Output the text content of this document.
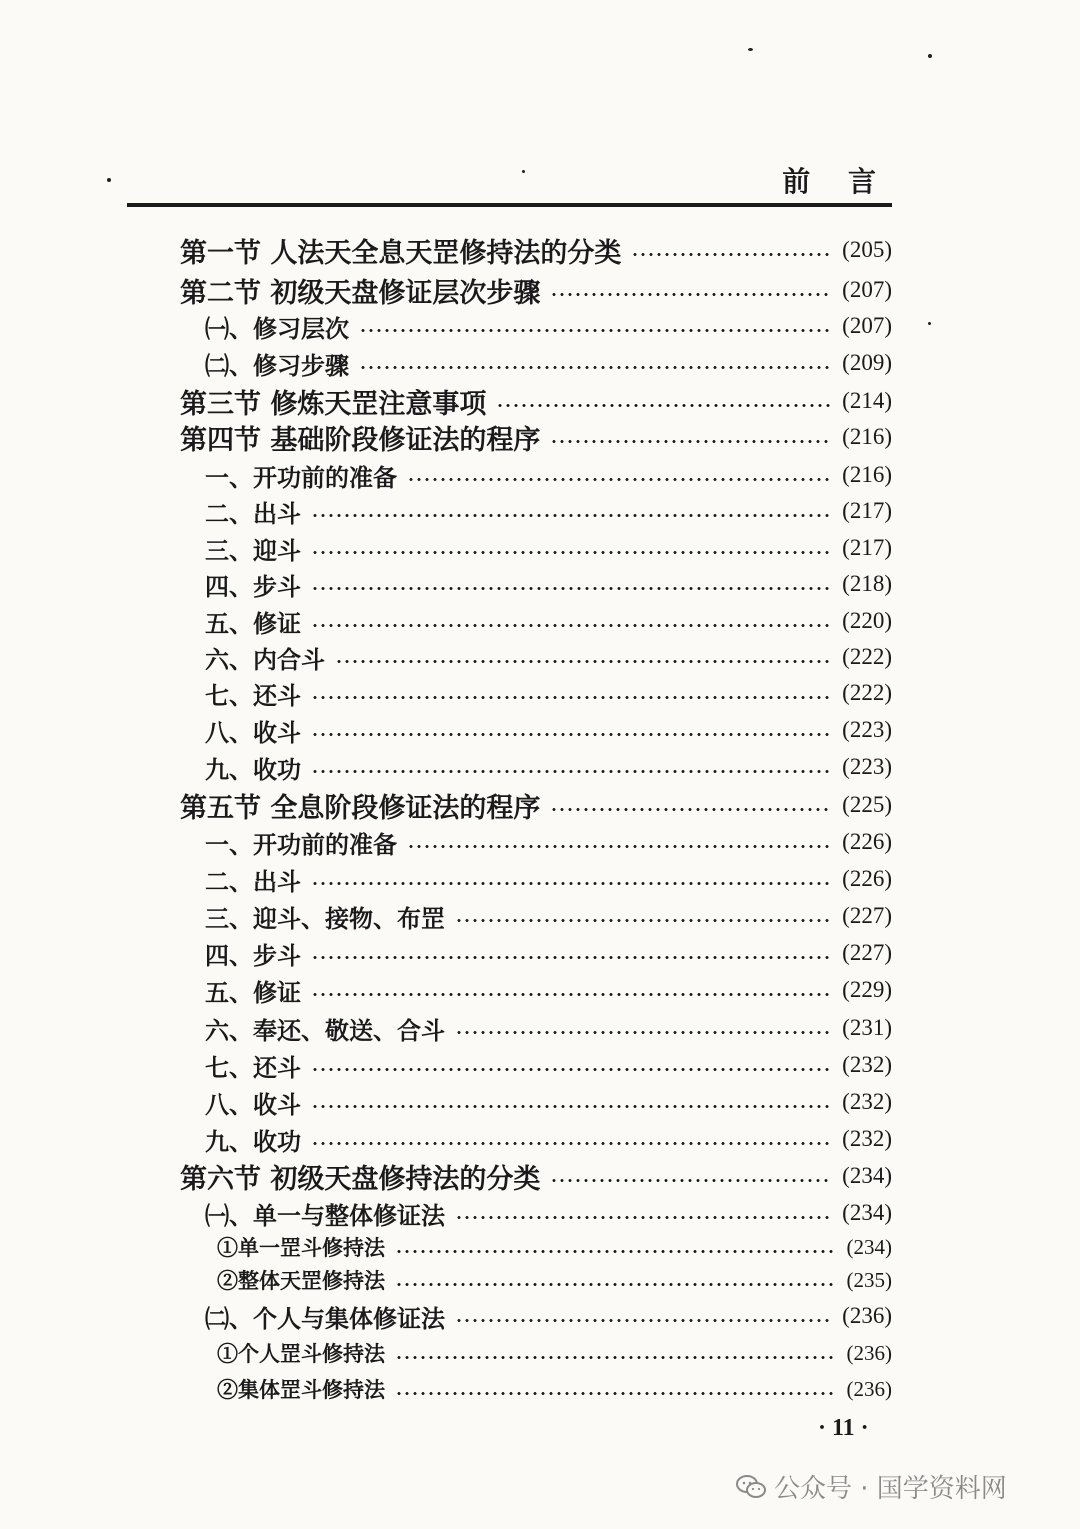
前 言
第一节 人法天全息天罡修持法的分类	(205)
第二节 初级天盘修证层次步骤	(207)
㈠、修习层次	(207)
㈡、修习步骤	(209)
第三节 修炼天罡注意事项	(214)
第四节 基础阶段修证法的程序	(216)
一、开功前的准备	(216)
二、出斗	(217)
三、迎斗	(217)
四、步斗	(218)
五、修证	(220)
六、内合斗	(222)
七、还斗	(222)
八、收斗	(223)
九、收功	(223)
第五节 全息阶段修证法的程序	(225)
一、开功前的准备	(226)
二、出斗	(226)
三、迎斗、接物、布罡	(227)
四、步斗	(227)
五、修证	(229)
六、奉还、敬送、合斗	(231)
七、还斗	(232)
八、收斗	(232)
九、收功	(232)
第六节 初级天盘修持法的分类	(234)
㈠、单一与整体修证法	(234)
①单一罡斗修持法	(234)
②整体天罡修持法	(235)
㈡、个人与集体修证法	(236)
①个人罡斗修持法	(236)
②集体罡斗修持法	(236)
· 11 ·
公众号 · 国学资料网
